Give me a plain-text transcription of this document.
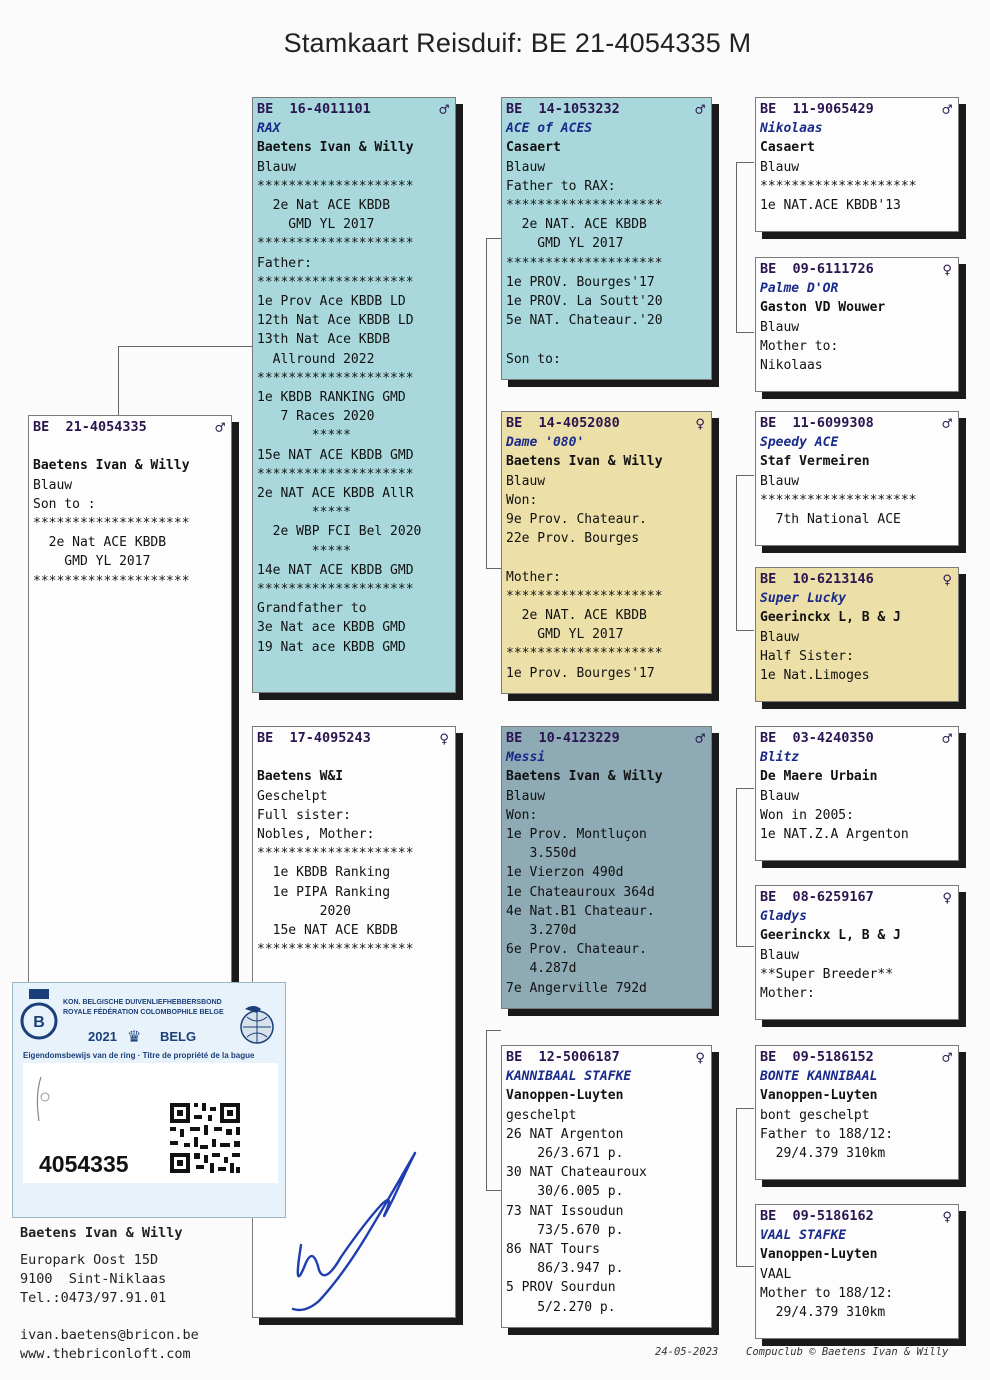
Stamkaart Reisduif: BE 21-4054335 M
BE  21-4054335	♂
Baetens Ivan & Willy
Blauw
Son to :
********************
2e Nat ACE KBDB
GMD YL 2017
********************
BE  16-4011101	♂
RAX
Baetens Ivan & Willy
Blauw
********************
2e Nat ACE KBDB
GMD YL 2017
********************
Father:
********************
1e Prov Ace KBDB LD
12th Nat Ace KBDB LD
13th Nat Ace KBDB
Allround 2022
********************
1e KBDB RANKING GMD
7 Races 2020
*****
15e NAT ACE KBDB GMD
********************
2e NAT ACE KBDB AllR
*****
2e WBP FCI Bel 2020
*****
14e NAT ACE KBDB GMD
********************
Grandfather to
3e Nat ace KBDB GMD
19 Nat ace KBDB GMD
BE  17-4095243	♀
Baetens W&I
Geschelpt
Full sister:
Nobles, Mother:
********************
1e KBDB Ranking
1e PIPA Ranking
2020
15e NAT ACE KBDB
********************
BE  14-1053232	♂
ACE of ACES
Casaert
Blauw
Father to RAX:
********************
2e NAT. ACE KBDB
GMD YL 2017
********************
1e PROV. Bourges'17
1e PROV. La Soutt'20
5e NAT. Chateaur.'20
Son to:
BE  14-4052080	♀
Dame '080'
Baetens Ivan & Willy
Blauw
Won:
9e Prov. Chateaur.
22e Prov. Bourges
Mother:
********************
2e NAT. ACE KBDB
GMD YL 2017
********************
1e Prov. Bourges'17
BE  10-4123229	♂
Messi
Baetens Ivan & Willy
Blauw
Won:
1e Prov. Montluçon
3.550d
1e Vierzon 490d
1e Chateauroux 364d
4e Nat.B1 Chateaur.
3.270d
6e Prov. Chateaur.
4.287d
7e Angerville 792d
BE  12-5006187	♀
KANNIBAAL STAFKE
Vanoppen-Luyten
geschelpt
26 NAT Argenton
26/3.671 p.
30 NAT Chateauroux
30/6.005 p.
73 NAT Issoudun
73/5.670 p.
86 NAT Tours
86/3.947 p.
5 PROV Sourdun
5/2.270 p.
BE  11-9065429	♂
Nikolaas
Casaert
Blauw
********************
1e NAT.ACE KBDB'13
BE  09-6111726	♀
Palme D'OR
Gaston VD Wouwer
Blauw
Mother to:
Nikolaas
BE  11-6099308	♂
Speedy ACE
Staf Vermeiren
Blauw
********************
7th National ACE
BE  10-6213146	♀
Super Lucky
Geerinckx L, B & J
Blauw
Half Sister:
1e Nat.Limoges
BE  03-4240350	♂
Blitz
De Maere Urbain
Blauw
Won in 2005:
1e NAT.Z.A Argenton
BE  08-6259167	♀
Gladys
Geerinckx L, B & J
Blauw
**Super Breeder**
Mother:
BE  09-5186152	♂
BONTE KANNIBAAL
Vanoppen-Luyten
bont geschelpt
Father to 188/12:
29/4.379 310km
BE  09-5186162	♀
VAAL STAFKE
Vanoppen-Luyten
VAAL
Mother to 188/12:
29/4.379 310km
B
KON. BELGISCHE DUIVENLIEFHEBBERSBOND
ROYALE FÉDÉRATION COLOMBOPHILE BELGE
2021 ♛ BELG
Eigendomsbewijs van de ring · Titre de propriété de la bague
4054335
Baetens Ivan & Willy
Europark Oost 15D
9100  Sint-Niklaas
Tel.:0473/97.91.01
ivan.baetens@bricon.be
www.thebriconloft.com	24-05-2023	Compuclub © Baetens Ivan & Willy
